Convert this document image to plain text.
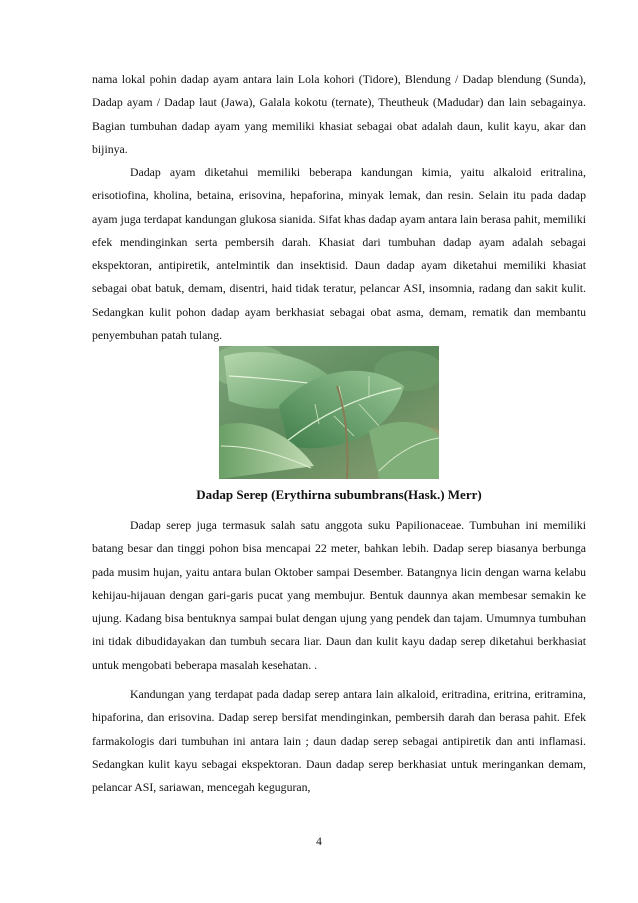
nama lokal pohin dadap ayam antara lain Lola kohori (Tidore), Blendung / Dadap blendung (Sunda), Dadap ayam / Dadap laut (Jawa), Galala kokotu (ternate), Theutheuk (Madudar) dan lain sebagainya. Bagian tumbuhan dadap ayam yang memiliki khasiat sebagai obat adalah daun, kulit kayu, akar dan bijinya.

Dadap ayam diketahui memiliki beberapa kandungan kimia, yaitu alkaloid eritralina, erisotiofina, kholina, betaina, erisovina, hepaforina, minyak lemak, dan resin. Selain itu pada dadap ayam juga terdapat kandungan glukosa sianida. Sifat khas dadap ayam antara lain berasa pahit, memiliki efek mendinginkan serta pembersih darah. Khasiat dari tumbuhan dadap ayam adalah sebagai ekspektoran, antipiretik, antelmintik dan insektisid. Daun dadap ayam diketahui memiliki khasiat sebagai obat batuk, demam, disentri, haid tidak teratur, pelancar ASI, insomnia, radang dan sakit kulit. Sedangkan kulit pohon dadap ayam berkhasiat sebagai obat asma, demam, rematik dan membantu penyembuhan patah tulang.

Dadap Serep (Erythirna subumbrans(Hask.) Merr)

Dadap serep juga termasuk salah satu anggota suku Papilionaceae. Tumbuhan ini memiliki batang besar dan tinggi pohon bisa mencapai 22 meter, bahkan lebih. Dadap serep biasanya berbunga pada musim hujan, yaitu antara bulan Oktober sampai Desember. Batangnya licin dengan warna kelabu kehijau-hijauan dengan gari-garis pucat yang membujur. Bentuk daunnya akan membesar semakin ke ujung. Kadang bisa bentuknya sampai bulat dengan ujung yang pendek dan tajam. Umumnya tumbuhan ini tidak dibudidayakan dan tumbuh secara liar. Daun dan kulit kayu dadap serep diketahui berkhasiat untuk mengobati beberapa masalah kesehatan. .

Kandungan yang terdapat pada dadap serep antara lain alkaloid, eritradina, eritrina, eritramina, hipaforina, dan erisovina. Dadap serep bersifat mendinginkan, pembersih darah dan berasa pahit. Efek farmakologis dari tumbuhan ini antara lain ; daun dadap serep sebagai antipiretik dan anti inflamasi. Sedangkan kulit kayu sebagai ekspektoran. Daun dadap serep berkhasiat untuk meringankan demam, pelancar ASI, sariawan, mencegah keguguran,

4
